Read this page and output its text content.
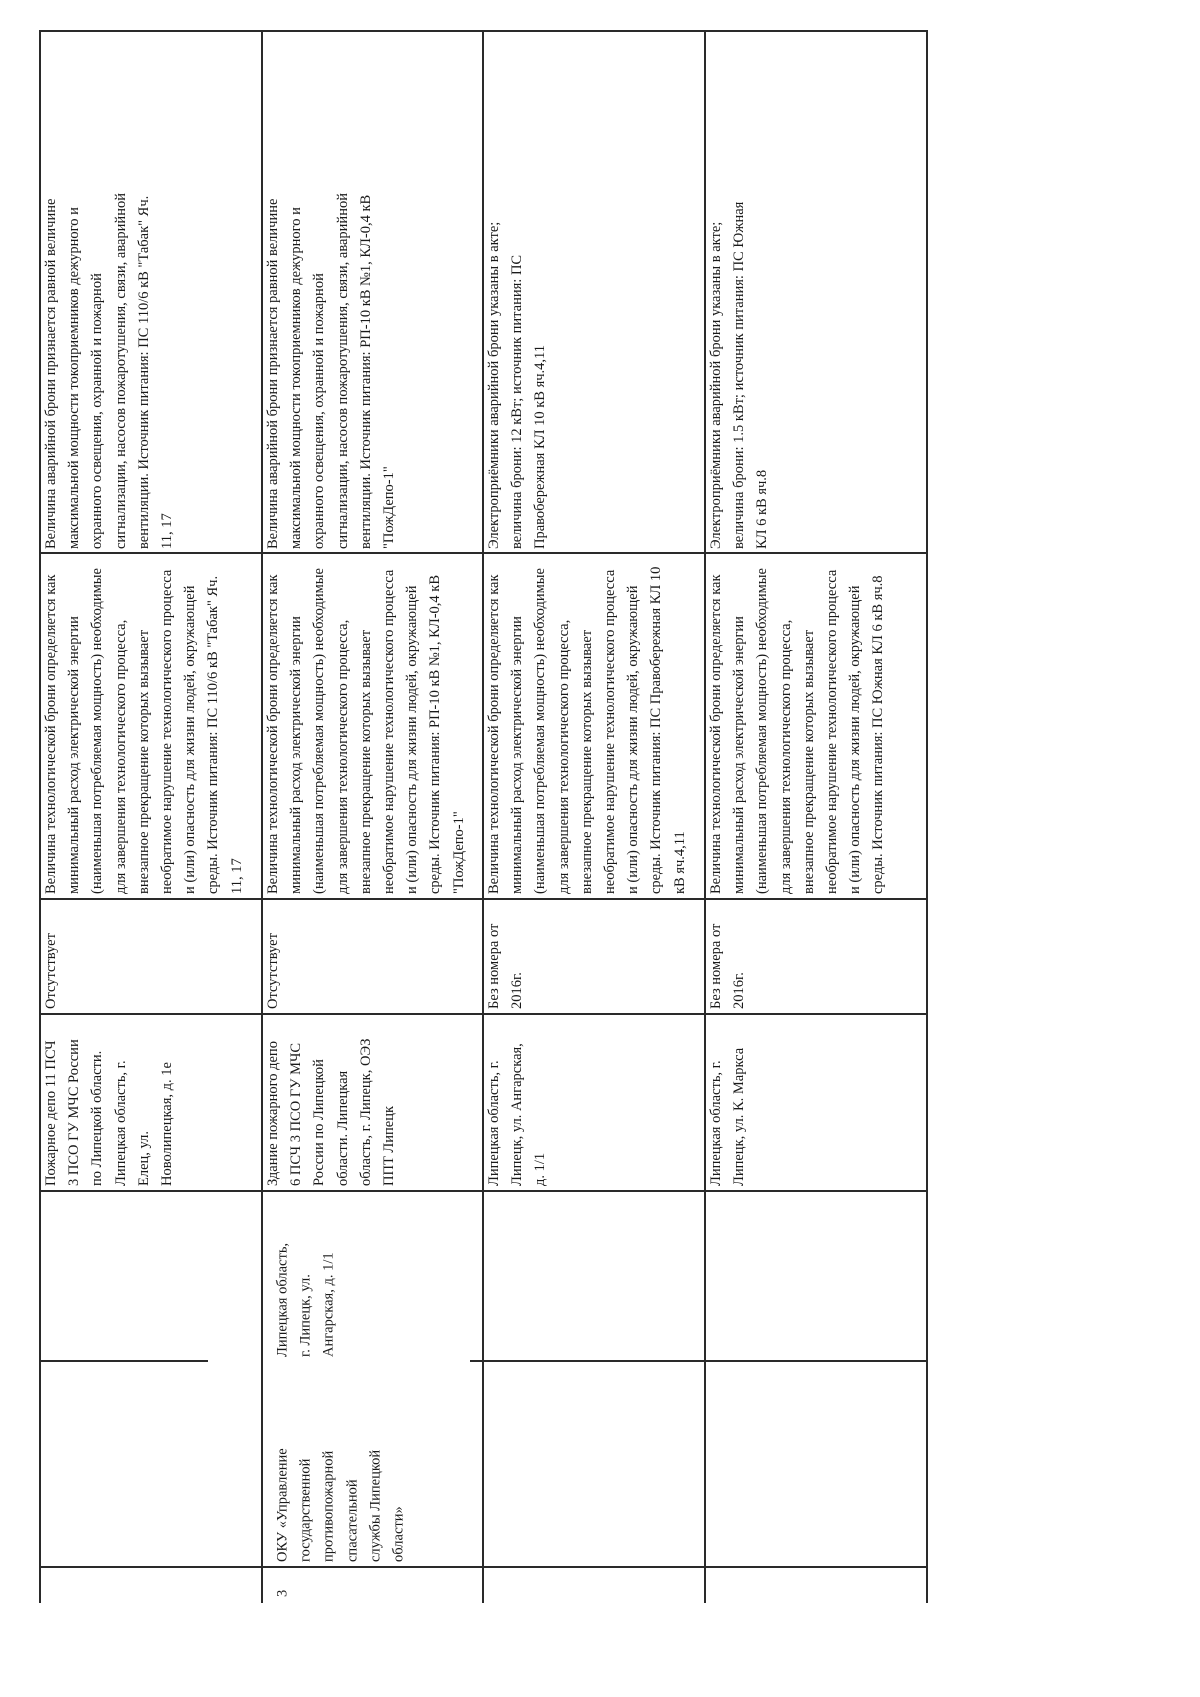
3
ОКУ «Управление
государственной
противопожарной
спасательной
службы Липецкой
области»
Липецкая область,
г. Липецк, ул.
Ангарская, д. 1/1
Пожарное депо 11 ПСЧ
3 ПСО ГУ МЧС России
по Липецкой области.
Липецкая область, г.
Елец, ул.
Новолипецкая, д. 1е
Отсутствует
Величина технологической брони определяется как
минимальный расход электрической энергии
(наименьшая потребляемая мощность) необходимые
для завершения технологического процесса,
внезапное прекращение которых вызывает
необратимое нарушение технологического процесса
и (или) опасность для жизни людей, окружающей
среды. Источник питания: ПС 110/6 кВ "Табак" Яч.
11, 17
Величина аварийной брони признается равной величине
максимальной мощности токоприемников дежурного и
охранного освещения, охранной и пожарной
сигнализации, насосов пожаротушения, связи, аварийной
вентиляции. Источник питания: ПС 110/6 кВ "Табак" Яч.
11, 17
Здание пожарного депо
6 ПСЧ 3 ПСО ГУ МЧС
России по Липецкой
области. Липецкая
область, г. Липецк, ОЭЗ
ППТ Липецк
Отсутствует
Величина технологической брони определяется как
минимальный расход электрической энергии
(наименьшая потребляемая мощность) необходимые
для завершения технологического процесса,
внезапное прекращение которых вызывает
необратимое нарушение технологического процесса
и (или) опасность для жизни людей, окружающей
среды. Источник питания: РП-10 кВ №1, КЛ-0,4 кВ
"ПожДепо-1"
Величина аварийной брони признается равной величине
максимальной мощности токоприемников дежурного и
охранного освещения, охранной и пожарной
сигнализации, насосов пожаротушения, связи, аварийной
вентиляции. Источник питания: РП-10 кВ №1, КЛ-0,4 кВ
"ПожДепо-1"
Липецкая область, г.
Липецк, ул. Ангарская,
д. 1/1
Без номера от
2016г.
Величина технологической брони определяется как
минимальный расход электрической энергии
(наименьшая потребляемая мощность) необходимые
для завершения технологического процесса,
внезапное прекращение которых вызывает
необратимое нарушение технологического процесса
и (или) опасность для жизни людей, окружающей
среды. Источник питания: ПС Правобережная КЛ 10
кВ яч.4,11
Электроприёмники аварийной брони указаны в акте;
величина брони: 12 кВт; источник питания: ПС
Правобережная КЛ 10 кВ яч.4,11
Липецкая область, г.
Липецк, ул. К. Маркса
Без номера от
2016г.
Величина технологической брони определяется как
минимальный расход электрической энергии
(наименьшая потребляемая мощность) необходимые
для завершения технологического процесса,
внезапное прекращение которых вызывает
необратимое нарушение технологического процесса
и (или) опасность для жизни людей, окружающей
среды. Источник питания: ПС Южная КЛ 6 кВ яч.8
Электроприёмники аварийной брони указаны в акте;
величина брони: 1.5 кВт; источник питания: ПС Южная
КЛ 6 кВ яч.8
